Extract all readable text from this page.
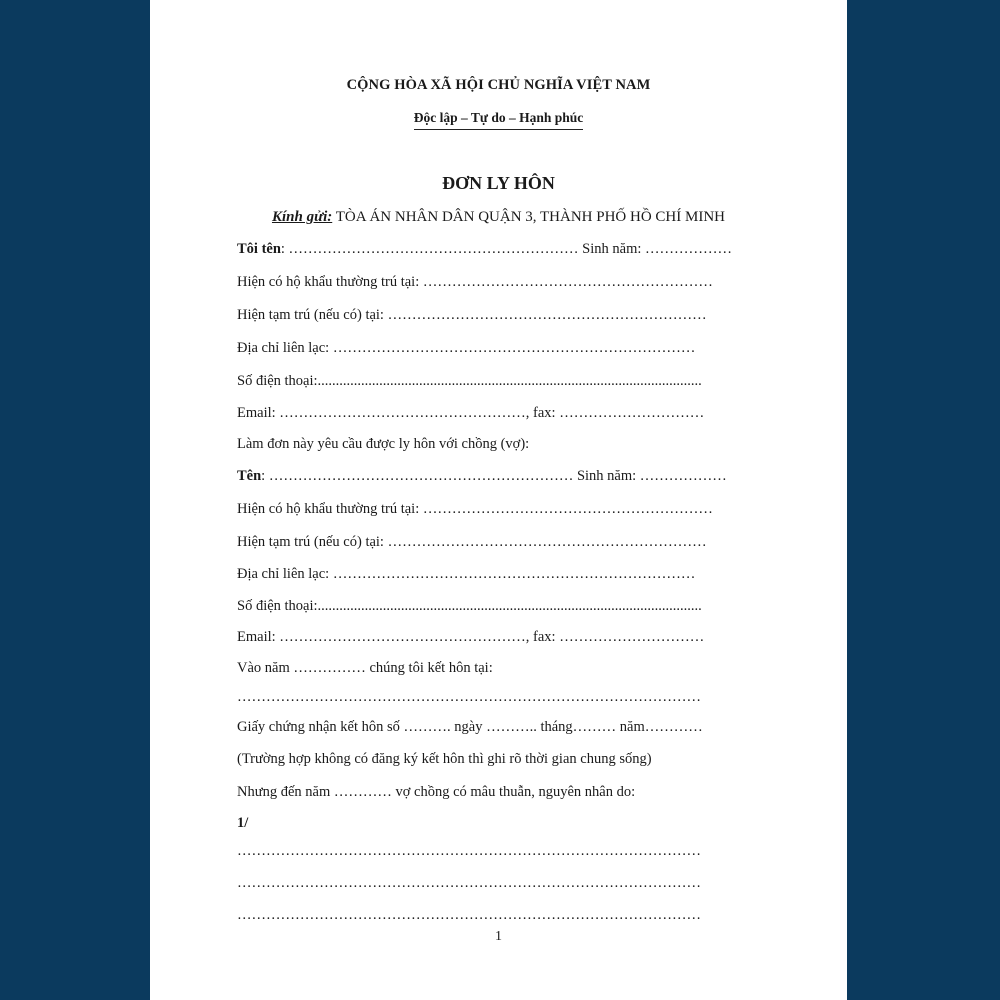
CỘNG HÒA XÃ HỘI CHỦ NGHĨA VIỆT NAM
Độc lập – Tự do – Hạnh phúc
ĐƠN LY HÔN
Kính gửi: TÒA ÁN NHÂN DÂN QUẬN 3, THÀNH PHỐ HỒ CHÍ MINH
Tôi tên: …………………………………………………… Sinh năm: ………………
Hiện có hộ khẩu thường trú tại: ……………………………………………………
Hiện tạm trú (nếu có) tại: …………………………………………………………
Địa chỉ liên lạc: …………………………………………………………………
Số điện thoại:..........................................................................................................
Email: ……………………………………………, fax: …………………………
Làm đơn này yêu cầu được ly hôn với chồng (vợ):
Tên: ……………………………………………………… Sinh năm: ………………
Hiện có hộ khẩu thường trú tại: ……………………………………………………
Hiện tạm trú (nếu có) tại: …………………………………………………………
Địa chỉ liên lạc: …………………………………………………………………
Số điện thoại:..........................................................................................................
Email: ……………………………………………, fax: …………………………
Vào năm …………… chúng tôi kết hôn tại:
……………………………………………………………………………………
Giấy chứng nhận kết hôn số ………. ngày ……….. tháng……… năm…………
(Trường hợp không có đăng ký kết hôn thì ghi rõ thời gian chung sống)
Nhưng đến năm ………… vợ chồng có mâu thuẫn, nguyên nhân do:
1/
……………………………………………………………………………………
……………………………………………………………………………………
……………………………………………………………………………………
1
